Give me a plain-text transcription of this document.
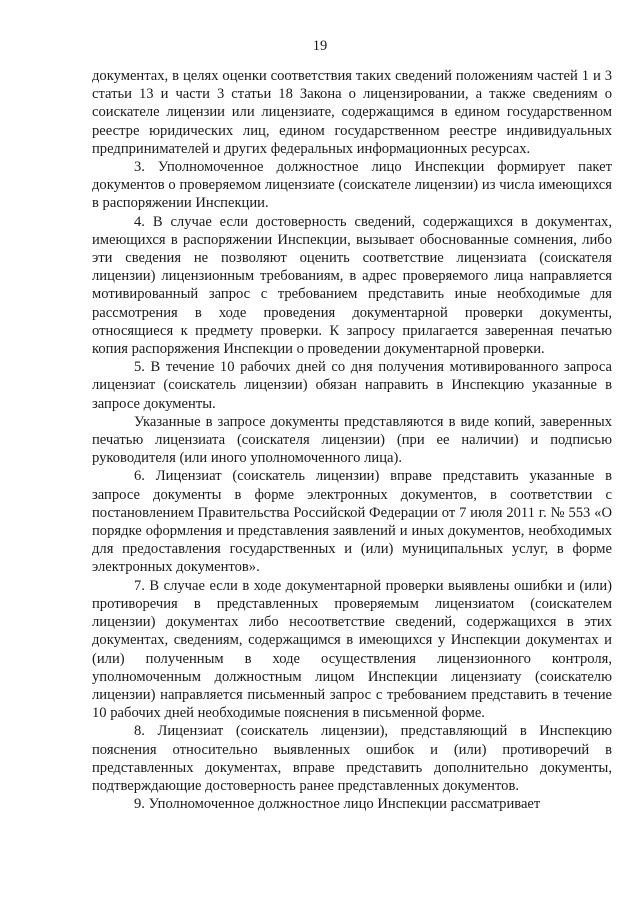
19

документах, в целях оценки соответствия таких сведений положениям частей 1 и 3 статьи 13 и части 3 статьи 18 Закона о лицензировании, а также сведениям о соискателе лицензии или лицензиате, содержащимся в едином государственном реестре юридических лиц, едином государственном реестре индивидуальных предпринимателей и других федеральных информационных ресурсах.

3. Уполномоченное должностное лицо Инспекции формирует пакет документов о проверяемом лицензиате (соискателе лицензии) из числа имеющихся в распоряжении Инспекции.

4. В случае если достоверность сведений, содержащихся в документах, имеющихся в распоряжении Инспекции, вызывает обоснованные сомнения, либо эти сведения не позволяют оценить соответствие лицензиата (соискателя лицензии) лицензионным требованиям, в адрес проверяемого лица направляется мотивированный запрос с требованием представить иные необходимые для рассмотрения в ходе проведения документарной проверки документы, относящиеся к предмету проверки. К запросу прилагается заверенная печатью копия распоряжения Инспекции о проведении документарной проверки.

5. В течение 10 рабочих дней со дня получения мотивированного запроса лицензиат (соискатель лицензии) обязан направить в Инспекцию указанные в запросе документы.

Указанные в запросе документы представляются в виде копий, заверенных печатью лицензиата (соискателя лицензии) (при ее наличии) и подписью руководителя (или иного уполномоченного лица).

6. Лицензиат (соискатель лицензии) вправе представить указанные в запросе документы в форме электронных документов, в соответствии с постановлением Правительства Российской Федерации от 7 июля 2011 г. № 553 «О порядке оформления и представления заявлений и иных документов, необходимых для предоставления государственных и (или) муниципальных услуг, в форме электронных документов».

7. В случае если в ходе документарной проверки выявлены ошибки и (или) противоречия в представленных проверяемым лицензиатом (соискателем лицензии) документах либо несоответствие сведений, содержащихся в этих документах, сведениям, содержащимся в имеющихся у Инспекции документах и (или) полученным в ходе осуществления лицензионного контроля, уполномоченным должностным лицом Инспекции лицензиату (соискателю лицензии) направляется письменный запрос с требованием представить в течение 10 рабочих дней необходимые пояснения в письменной форме.

8. Лицензиат (соискатель лицензии), представляющий в Инспекцию пояснения относительно выявленных ошибок и (или) противоречий в представленных документах, вправе представить дополнительно документы, подтверждающие достоверность ранее представленных документов.

9. Уполномоченное должностное лицо Инспекции рассматривает
